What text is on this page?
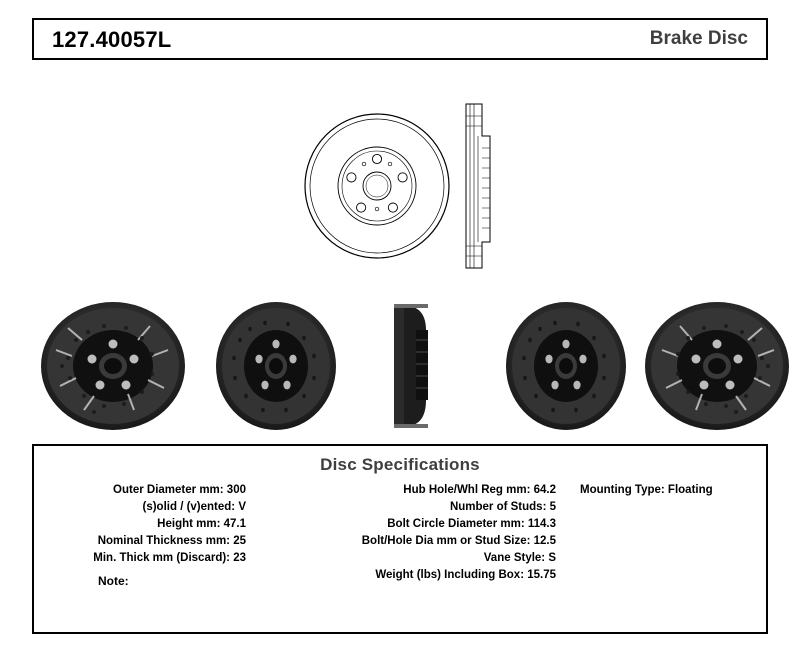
127.40057L	Brake Disc
Disc Specifications
Outer Diameter mm: 300
(s)olid / (v)ented: V
Height mm: 47.1
Nominal Thickness mm: 25
Min. Thick mm (Discard): 23
Hub Hole/Whl Reg mm: 64.2
Number of Studs: 5
Bolt Circle Diameter mm: 114.3
Bolt/Hole Dia mm or Stud Size: 12.5
Vane Style: S
Weight (lbs) Including Box: 15.75
Mounting Type: Floating
Note:
